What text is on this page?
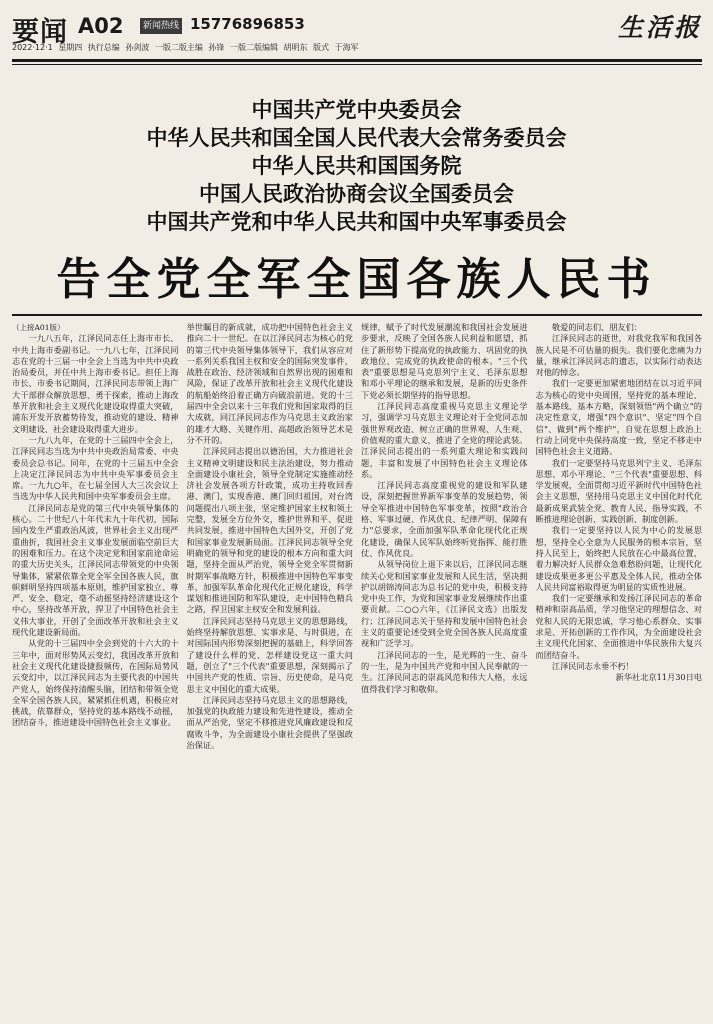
要闻 A02	新闻热线 15776896853	生活报
2022·12·1 星期四 执行总编 孙剑波 一版二版主编 孙锋 一版二版编辑 胡明东 版式 于海军
中国共产党中央委员会
中华人民共和国全国人民代表大会常务委员会
中华人民共和国国务院
中国人民政治协商会议全国委员会
中国共产党和中华人民共和国中央军事委员会
告全党全军全国各族人民书

（上接A01版）

一九八五年，江泽民同志任上海市市长、中共上海市委副书记。一九八七年，江泽民同志在党的十三届一中全会上当选为中共中央政治局委员，并任中共上海市委书记。担任上海市长、市委书记期间，江泽民同志带领上海广大干部群众解放思想、勇于探索，推动上海改革开放和社会主义现代化建设取得重大突破，浦东开发开放蓄势待发，推动党的建设、精神文明建设、社会建设取得重大进步。

一九八九年，在党的十三届四中全会上，江泽民同志当选为中共中央政治局常委、中央委员会总书记。同年，在党的十三届五中全会上决定江泽民同志为中共中央军事委员会主席。一九九○年，在七届全国人大三次会议上当选为中华人民共和国中央军事委员会主席。

江泽民同志是党的第三代中央领导集体的核心。二十世纪八十年代末九十年代初，国际国内发生严重政治风波，世界社会主义出现严重曲折，我国社会主义事业发展面临空前巨大的困难和压力。在这个决定党和国家前途命运的重大历史关头，江泽民同志带领党的中央领导集体，紧紧依靠全党全军全国各族人民，旗帜鲜明坚持四项基本原则，维护国家独立、尊严、安全、稳定，毫不动摇坚持经济建设这个中心，坚持改革开放，捍卫了中国特色社会主义伟大事业，开创了全面改革开放和社会主义现代化建设新局面。

从党的十三届四中全会到党的十六大的十三年中，面对形势风云变幻，我国改革开放和社会主义现代化建设捷报频传，在国际局势风云变幻中，以江泽民同志为主要代表的中国共产党人，始终保持清醒头脑，团结和带领全党全军全国各族人民，紧紧抓住机遇，积极应对挑战，依靠群众，坚持党的基本路线不动摇，团结奋斗，推进建设中国特色社会主义事业。

举世瞩目的新成就，成功把中国特色社会主义推向二十一世纪。在以江泽民同志为核心的党的第三代中央领导集体领导下，我们从容应对一系列关系我国主权和安全的国际突发事件，战胜在政治、经济领域和自然界出现的困难和风险，保证了改革开放和社会主义现代化建设的航船始终沿着正确方向破浪前进。党的十三届四中全会以来十三年我们党和国家取得的巨大成就，同江泽民同志作为马克思主义政治家的雄才大略、关键作用、高超政治领导艺术是分不开的。

江泽民同志提出以德治国，大力推进社会主义精神文明建设和民主法治建设，努力推动全面建设小康社会，领导全党制定实施推动经济社会发展各项方针政策，成功主持收回香港、澳门，实现香港、澳门回归祖国，对台湾问题提出八项主张，坚定维护国家主权和领土完整，发展全方位外交，维护世界和平、促进共同发展，推进中国特色大国外交，开创了党和国家事业发展新局面。江泽民同志领导全党明确党的领导和党的建设的根本方向和重大问题，坚持全面从严治党，领导全党全军贯彻新时期军事战略方针，积极推进中国特色军事变革，加强军队革命化现代化正规化建设，科学谋划和推进国防和军队建设，走中国特色精兵之路，捍卫国家主权安全和发展利益。

江泽民同志坚持马克思主义的思想路线，始终坚持解放思想、实事求是、与时俱进，在对国际国内形势深刻把握的基础上，科学回答了建设什么样的党、怎样建设党这一重大问题，创立了"三个代表"重要思想，深刻揭示了中国共产党的性质、宗旨、历史使命，是马克思主义中国化的重大成果。

江泽民同志坚持马克思主义的思想路线，加强党的执政能力建设和先进性建设，推动全面从严治党，坚定不移推进党风廉政建设和反腐败斗争，为全面建设小康社会提供了坚强政治保证。

规律，赋予了时代发展潮流和我国社会发展进步要求，反映了全国各族人民利益和愿望，抓住了新形势下提高党的执政能力、巩固党的执政地位、完成党的执政使命的根本。"三个代表"重要思想是马克思列宁主义、毛泽东思想和邓小平理论的继承和发展，是新的历史条件下党必须长期坚持的指导思想。

江泽民同志高度重视马克思主义理论学习，强调学习马克思主义理论对于全党同志加强世界观改造、树立正确的世界观、人生观、价值观的重大意义，推进了全党的理论武装。江泽民同志提出的一系列重大理论和实践问题，丰富和发展了中国特色社会主义理论体系。

江泽民同志高度重视党的建设和军队建设，深刻把握世界新军事变革的发展趋势，领导全军推进中国特色军事变革，按照"政治合格、军事过硬、作风优良、纪律严明、保障有力"总要求，全面加强军队革命化现代化正规化建设，确保人民军队始终听党指挥、能打胜仗、作风优良。

从领导岗位上退下来以后，江泽民同志继续关心党和国家事业发展和人民生活，坚决拥护以胡锦涛同志为总书记的党中央，积极支持党中央工作，为党和国家事业发展继续作出重要贡献。二○○六年，《江泽民文选》出版发行；江泽民同志关于坚持和发展中国特色社会主义的重要论述受到全党全国各族人民高度重视和广泛学习。

江泽民同志的一生，是光辉的一生、奋斗的一生，是为中国共产党和中国人民奉献的一生。江泽民同志的崇高风范和伟大人格，永远值得我们学习和敬仰。

敬爱的同志们、朋友们：

江泽民同志的逝世，对我党我军和我国各族人民是不可估量的损失。我们要化悲痛为力量，继承江泽民同志的遗志，以实际行动表达对他的悼念。

我们一定要更加紧密地团结在以习近平同志为核心的党中央周围，坚持党的基本理论、基本路线、基本方略，深刻领悟"两个确立"的决定性意义，增强"四个意识"、坚定"四个自信"、做到"两个维护"，自觉在思想上政治上行动上同党中央保持高度一致，坚定不移走中国特色社会主义道路。

我们一定要坚持马克思列宁主义、毛泽东思想、邓小平理论、"三个代表"重要思想、科学发展观，全面贯彻习近平新时代中国特色社会主义思想，坚持用马克思主义中国化时代化最新成果武装全党、教育人民、指导实践，不断推进理论创新、实践创新、制度创新。

我们一定要坚持以人民为中心的发展思想，坚持全心全意为人民服务的根本宗旨，坚持人民至上，始终把人民放在心中最高位置，着力解决好人民群众急难愁盼问题，让现代化建设成果更多更公平惠及全体人民，推动全体人民共同富裕取得更为明显的实质性进展。

我们一定要继承和发扬江泽民同志的革命精神和崇高品质，学习他坚定的理想信念、对党和人民的无限忠诚，学习他心系群众、实事求是、开拓创新的工作作风，为全面建设社会主义现代化国家、全面推进中华民族伟大复兴而团结奋斗。

江泽民同志永垂不朽！

新华社北京11月30日电
